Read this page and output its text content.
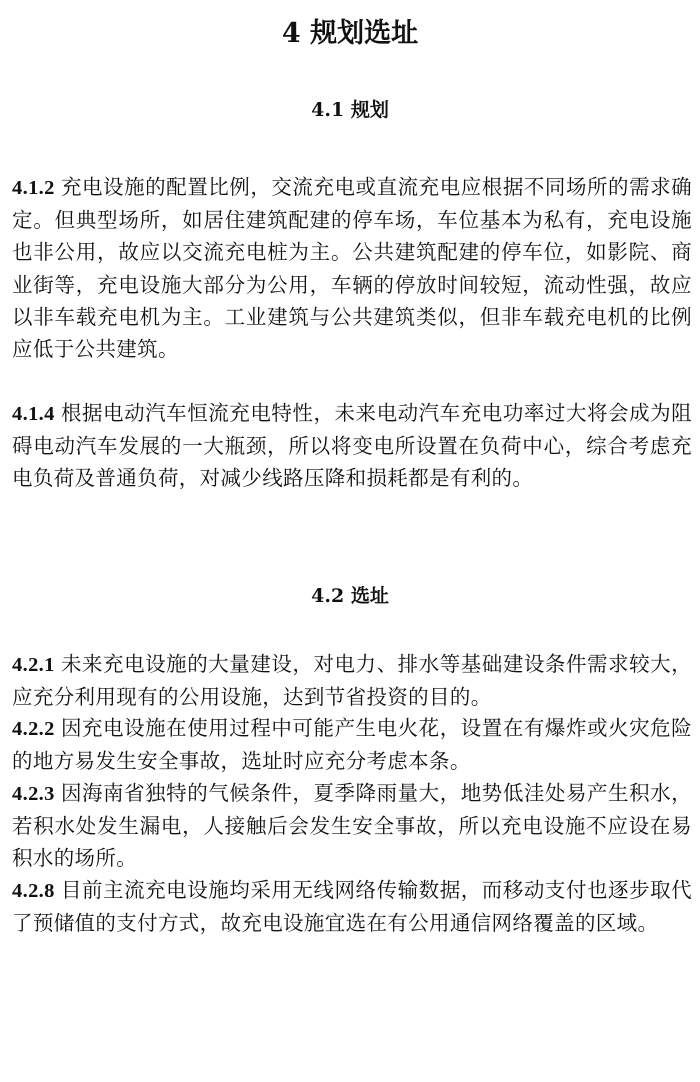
4 规划选址
4.1 规划

4.1.2 充电设施的配置比例，交流充电或直流充电应根据不同场所的需求确定。但典型场所，如居住建筑配建的停车场，车位基本为私有，充电设施也非公用，故应以交流充电桩为主。公共建筑配建的停车位，如影院、商业街等，充电设施大部分为公用，车辆的停放时间较短，流动性强，故应以非车载充电机为主。工业建筑与公共建筑类似，但非车载充电机的比例应低于公共建筑。

4.1.4 根据电动汽车恒流充电特性，未来电动汽车充电功率过大将会成为阻碍电动汽车发展的一大瓶颈，所以将变电所设置在负荷中心，综合考虑充电负荷及普通负荷，对减少线路压降和损耗都是有利的。

4.2 选址

4.2.1 未来充电设施的大量建设，对电力、排水等基础建设条件需求较大，应充分利用现有的公用设施，达到节省投资的目的。

4.2.2 因充电设施在使用过程中可能产生电火花，设置在有爆炸或火灾危险的地方易发生安全事故，选址时应充分考虑本条。

4.2.3 因海南省独特的气候条件，夏季降雨量大，地势低洼处易产生积水，若积水处发生漏电，人接触后会发生安全事故，所以充电设施不应设在易积水的场所。

4.2.8 目前主流充电设施均采用无线网络传输数据，而移动支付也逐步取代了预储值的支付方式，故充电设施宜选在有公用通信网络覆盖的区域。
